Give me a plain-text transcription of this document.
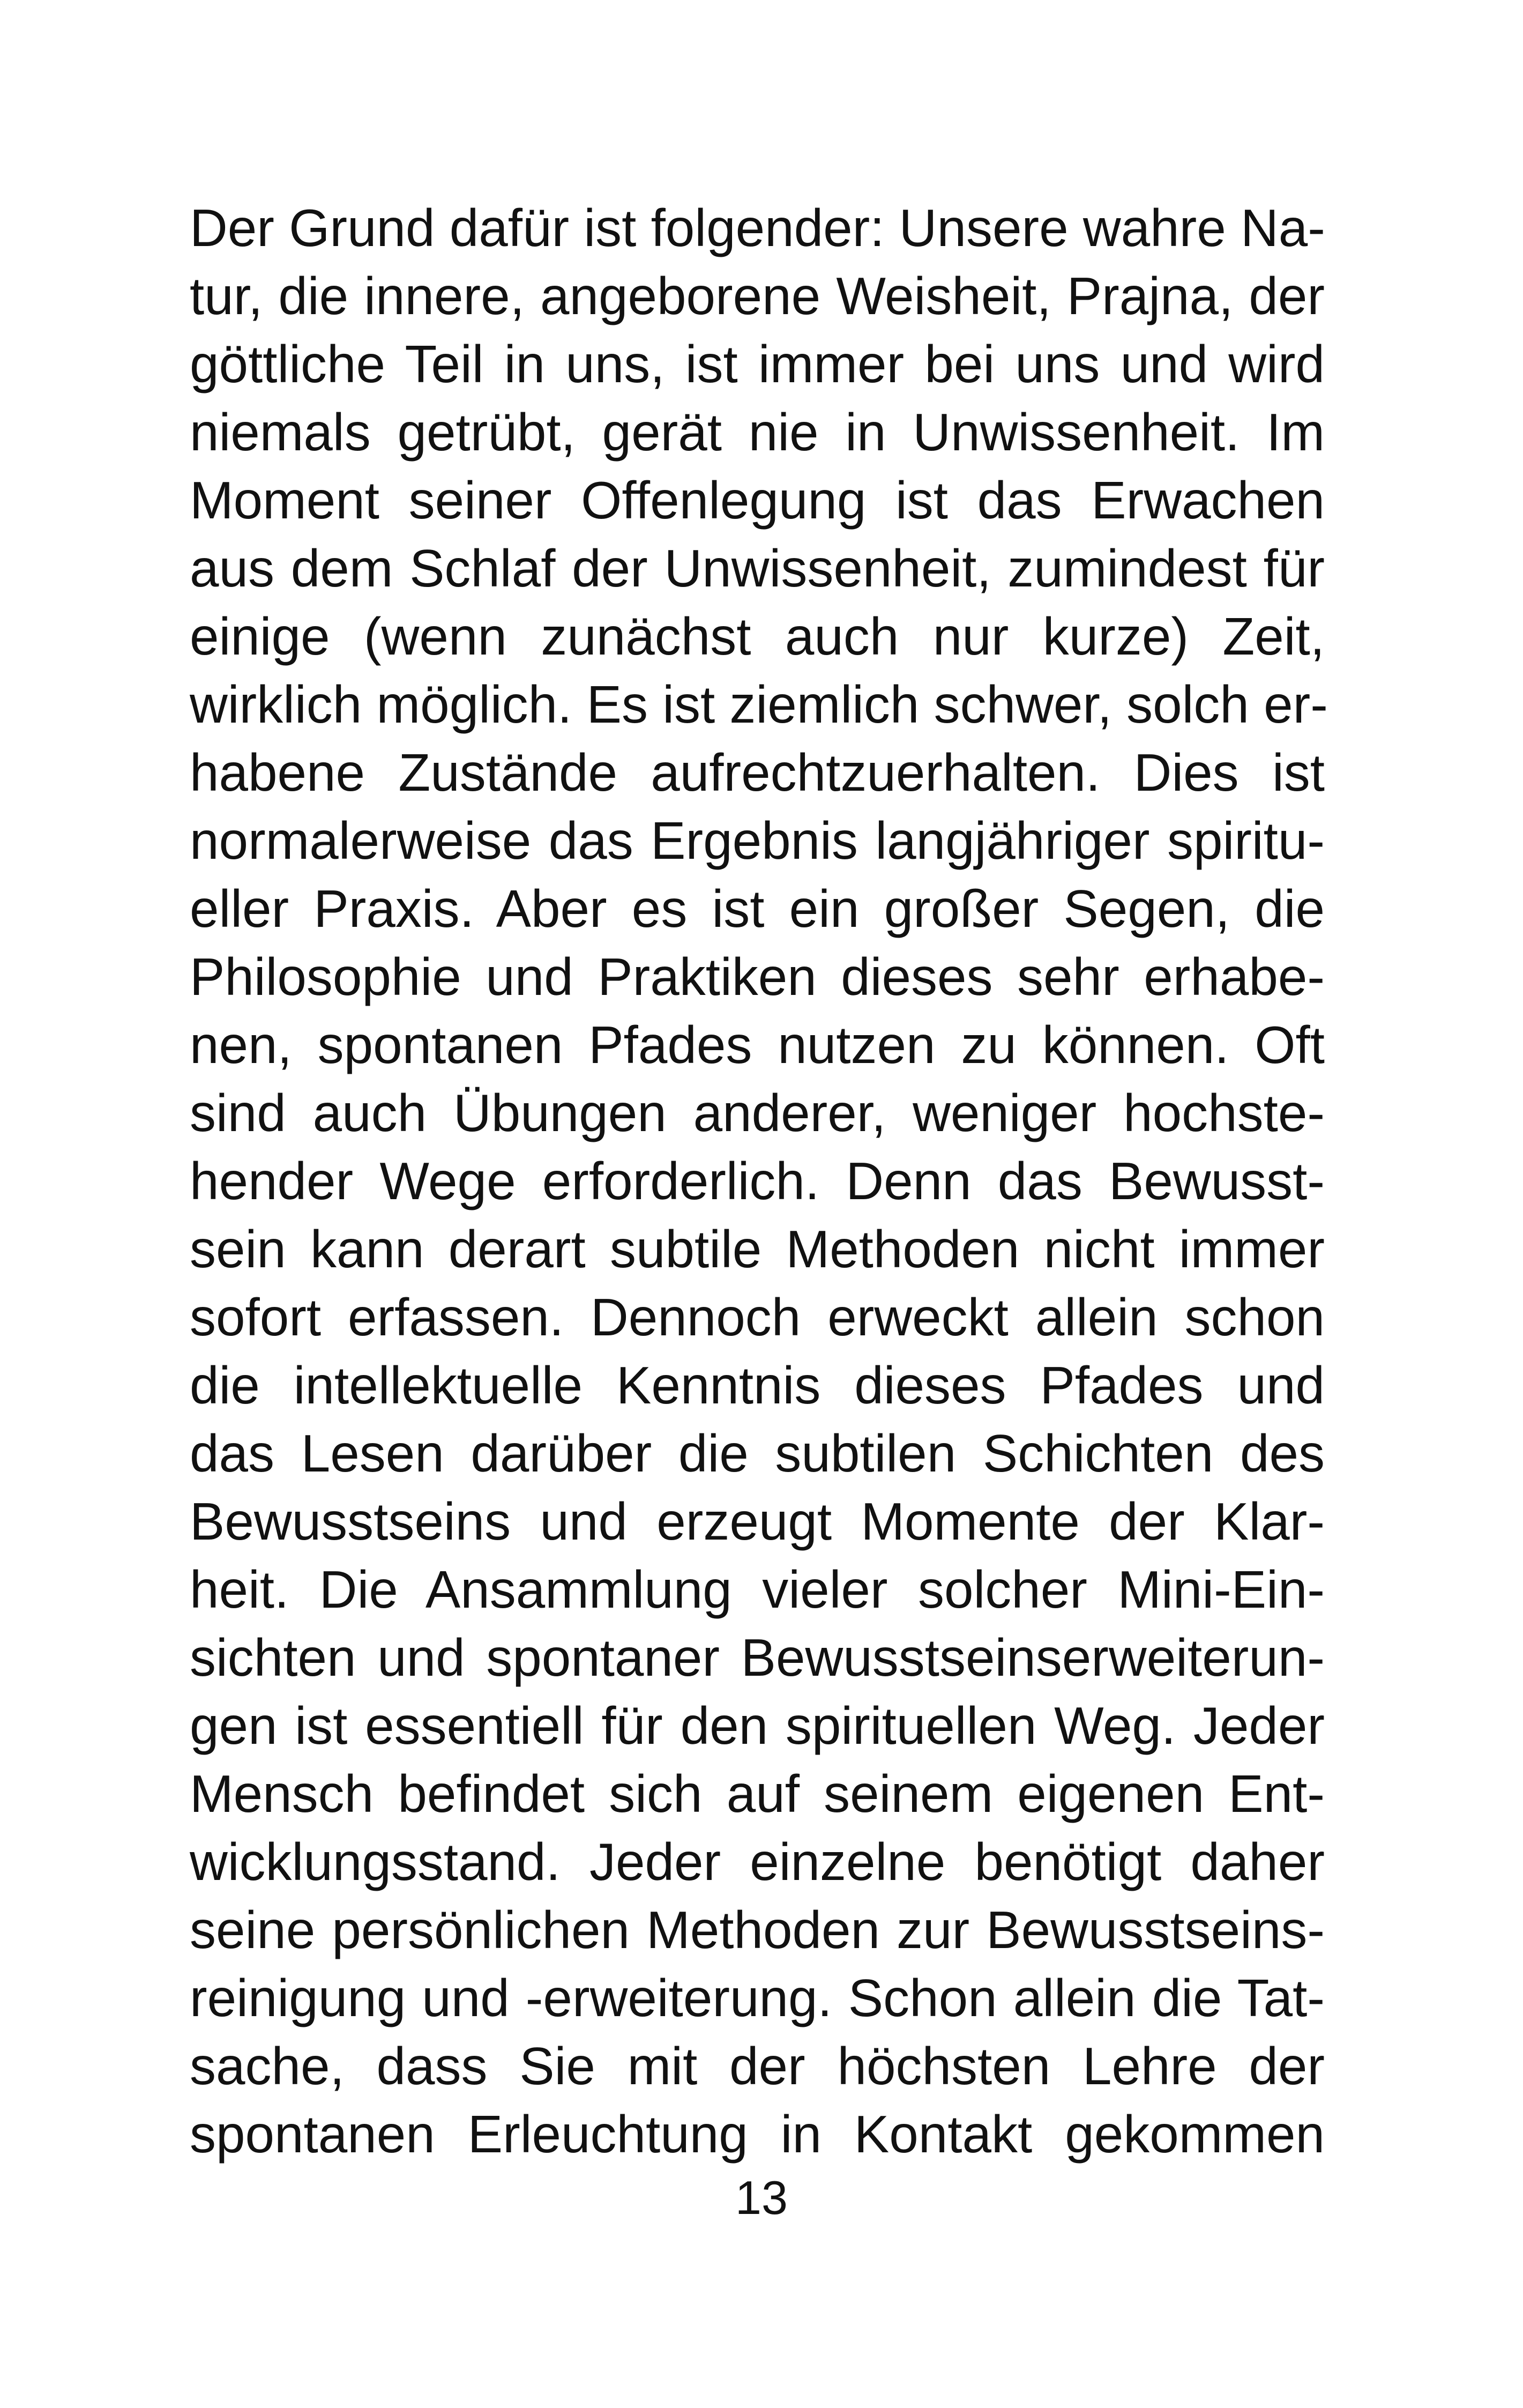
Der Grund dafür ist folgender: Unsere wahre Na-
tur, die innere, angeborene Weisheit, Prajna, der
göttliche Teil in uns, ist immer bei uns und wird
niemals getrübt, gerät nie in Unwissenheit. Im
Moment seiner Offenlegung ist das Erwachen
aus dem Schlaf der Unwissenheit, zumindest für
einige (wenn zunächst auch nur kurze) Zeit,
wirklich möglich. Es ist ziemlich schwer, solch er-
habene Zustände aufrechtzuerhalten. Dies ist
normalerweise das Ergebnis langjähriger spiritu-
eller Praxis. Aber es ist ein großer Segen, die
Philosophie und Praktiken dieses sehr erhabe-
nen, spontanen Pfades nutzen zu können. Oft
sind auch Übungen anderer, weniger hochste-
hender Wege erforderlich. Denn das Bewusst-
sein kann derart subtile Methoden nicht immer
sofort erfassen. Dennoch erweckt allein schon
die intellektuelle Kenntnis dieses Pfades und
das Lesen darüber die subtilen Schichten des
Bewusstseins und erzeugt Momente der Klar-
heit. Die Ansammlung vieler solcher Mini-Ein-
sichten und spontaner Bewusstseinserweiterun-
gen ist essentiell für den spirituellen Weg. Jeder
Mensch befindet sich auf seinem eigenen Ent-
wicklungsstand. Jeder einzelne benötigt daher
seine persönlichen Methoden zur Bewusstseins-
reinigung und -erweiterung. Schon allein die Tat-
sache, dass Sie mit der höchsten Lehre der
spontanen Erleuchtung in Kontakt gekommen
13
